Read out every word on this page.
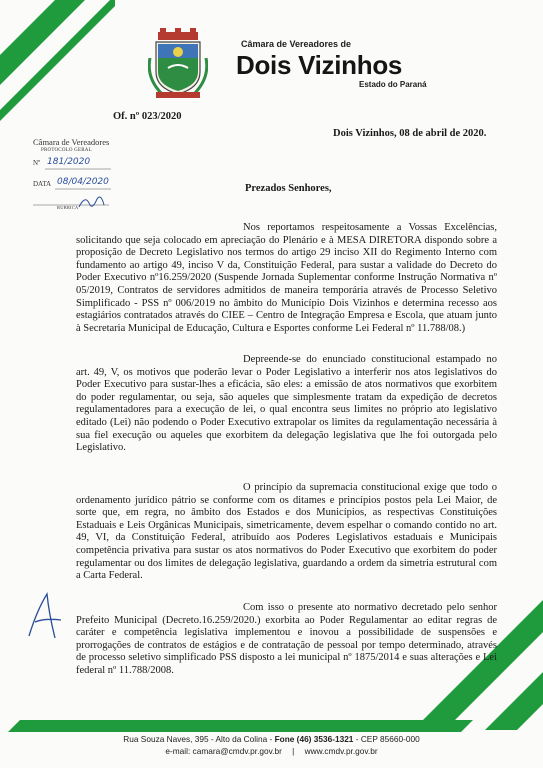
Câmara de Vereadores de
Dois Vizinhos
Estado do Paraná
Of. nº 023/2020
Dois Vizinhos, 08 de abril de 2020.
Câmara de Vereadores
PROTOCOLO GERAL
Nº 181/2020
DATA 08/04/2020
RUBRICA
Prezados Senhores,

Nos reportamos respeitosamente a Vossas Excelências, solicitando que seja colocado em apreciação do Plenário e à MESA DIRETORA dispondo sobre a proposição de Decreto Legislativo nos termos do artigo 29 inciso XII do Regimento Interno com fundamento ao artigo 49, inciso V da, Constituição Federal, para sustar a validade do Decreto do Poder Executivo nº16.259/2020 (Suspende Jornada Suplementar conforme Instrução Normativa nº 05/2019, Contratos de servidores admitidos de maneira temporária através de Processo Seletivo Simplificado - PSS nº 006/2019 no âmbito do Município Dois Vizinhos e determina recesso aos estagiários contratados através do CIEE – Centro de Integração Empresa e Escola, que atuam junto à Secretaria Municipal de Educação, Cultura e Esportes conforme Lei Federal nº 11.788/08.)

Depreende-se do enunciado constitucional estampado no art. 49, V, os motivos que poderão levar o Poder Legislativo a interferir nos atos legislativos do Poder Executivo para sustar-lhes a eficácia, são eles: a emissão de atos normativos que exorbitem do poder regulamentar, ou seja, são aqueles que simplesmente tratam da expedição de decretos regulamentadores para a execução de lei, o qual encontra seus limites no próprio ato legislativo editado (Lei) não podendo o Poder Executivo extrapolar os limites da regulamentação necessária à sua fiel execução ou aqueles que exorbitem da delegação legislativa que lhe foi outorgada pelo Legislativo.

O princípio da supremacia constitucional exige que todo o ordenamento jurídico pátrio se conforme com os ditames e princípios postos pela Lei Maior, de sorte que, em regra, no âmbito dos Estados e dos Municípios, as respectivas Constituições Estaduais e Leis Orgânicas Municipais, simetricamente, devem espelhar o comando contido no art. 49, VI, da Constituição Federal, atribuído aos Poderes Legislativos estaduais e Municipais competência privativa para sustar os atos normativos do Poder Executivo que exorbitem do poder regulamentar ou dos limites de delegação legislativa, guardando a ordem da simetria estrutural com a Carta Federal.

Com isso o presente ato normativo decretado pelo senhor Prefeito Municipal (Decreto.16.259/2020.) exorbita ao Poder Regulamentar ao editar regras de caráter e competência legislativa implementou e inovou a possibilidade de suspensões e prorrogações de contratos de estágios e de contratação de pessoal por tempo determinado, através de processo seletivo simplificado PSS disposto a lei municipal nº 1875/2014 e suas alterações e Lei federal nº 11.788/2008.

Rua Souza Naves, 395 - Alto da Colina - Fone (46) 3536-1321 - CEP 85660-000
e-mail: camara@cmdv.pr.gov.br | www.cmdv.pr.gov.br
